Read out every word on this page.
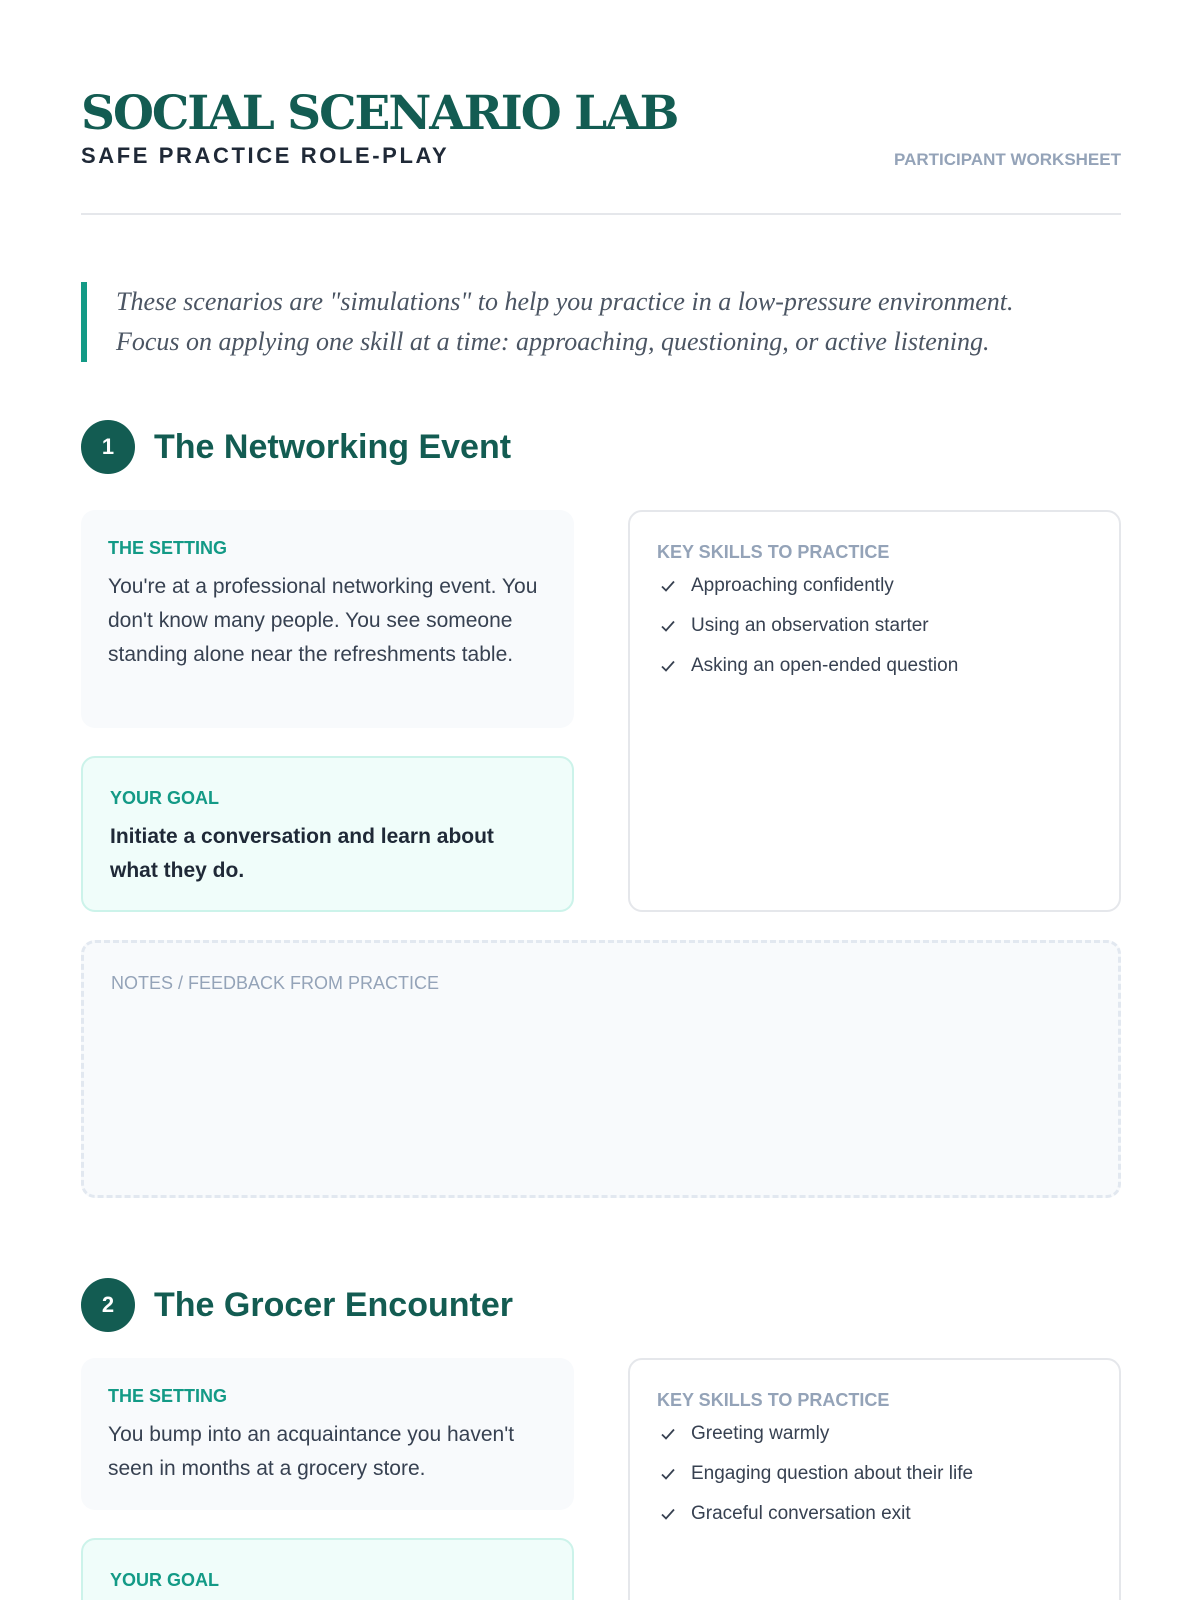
SOCIAL SCENARIO LAB
SAFE PRACTICE ROLE-PLAY	PARTICIPANT WORKSHEET

These scenarios are "simulations" to help you practice in a low-pressure environment.

Focus on applying one skill at a time: approaching, questioning, or active listening.

1	The Networking Event
THE SETTING
You're at a professional networking event. You don't know many people. You see someone standing alone near the refreshments table.
YOUR GOAL
Initiate a conversation and learn about what they do.
KEY SKILLS TO PRACTICE
Approaching confidently
Using an observation starter
Asking an open-ended question
NOTES / FEEDBACK FROM PRACTICE
2	The Grocer Encounter
THE SETTING
You bump into an acquaintance you haven't seen in months at a grocery store.
YOUR GOAL
KEY SKILLS TO PRACTICE
Greeting warmly
Engaging question about their life
Graceful conversation exit
